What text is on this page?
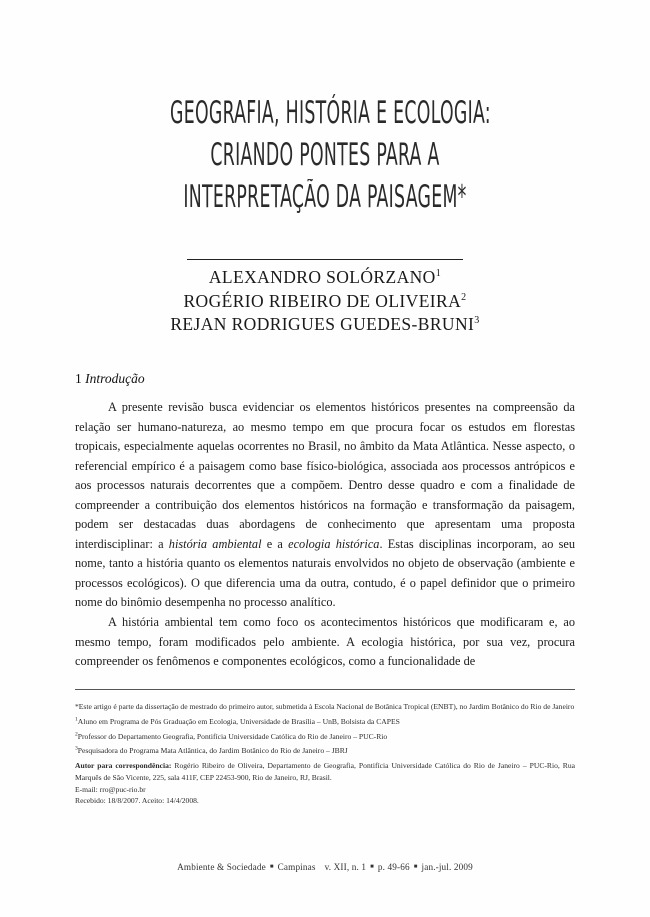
GEOGRAFIA, HISTÓRIA E ECOLOGIA:
CRIANDO PONTES PARA A
INTERPRETAÇÃO DA PAISAGEM*
ALEXANDRO SOLÓRZANO$^1$
ROGÉRIO RIBEIRO DE OLIVEIRA$^2$
REJAN RODRIGUES GUEDES-BRUNI$^3$
1 Introdução

A presente revisão busca evidenciar os elementos históricos presentes na compreensão da relação ser humano-natureza, ao mesmo tempo em que procura focar os estudos em florestas tropicais, especialmente aquelas ocorrentes no Brasil, no âmbito da Mata Atlântica. Nesse aspecto, o referencial empírico é a paisagem como base físico-biológica, associada aos processos antrópicos e aos processos naturais decorrentes que a compõem. Dentro desse quadro e com a finalidade de compreender a contribuição dos elementos históricos na formação e transformação da paisagem, podem ser destacadas duas abordagens de conhecimento que apresentam uma proposta interdisciplinar: a história ambiental e a ecologia histórica. Estas disciplinas incorporam, ao seu nome, tanto a história quanto os elementos naturais envolvidos no objeto de observação (ambiente e processos ecológicos). O que diferencia uma da outra, contudo, é o papel definidor que o primeiro nome do binômio desempenha no processo analítico.

A história ambiental tem como foco os acontecimentos históricos que modificaram e, ao mesmo tempo, foram modificados pelo ambiente. A ecologia histórica, por sua vez, procura compreender os fenômenos e componentes ecológicos, como a funcionalidade de

*Este artigo é parte da dissertação de mestrado do primeiro autor, submetida à Escola Nacional de Botânica Tropical (ENBT), no Jardim Botânico do Rio de Janeiro

$^1$Aluno em Programa de Pós Graduação em Ecologia, Universidade de Brasília – UnB, Bolsista da CAPES

$^2$Professor do Departamento Geografia, Pontifícia Universidade Católica do Rio de Janeiro – PUC-Rio

$^3$Pesquisadora do Programa Mata Atlântica, do Jardim Botânico do Rio de Janeiro – JBRJ

Autor para correspondência: Rogério Ribeiro de Oliveira, Departamento de Geografia, Pontifícia Universidade Católica do Rio de Janeiro – PUC-Rio, Rua Marquês de São Vicente, 225, sala 411F, CEP 22453-900, Rio de Janeiro, RJ, Brasil.

E-mail: rro@puc-rio.br

Recebido: 18/8/2007. Aceito: 14/4/2008.

Ambiente & Sociedade ■ Campinas v. XII, n. 1 ■ p. 49-66 ■ jan.-jul. 2009
